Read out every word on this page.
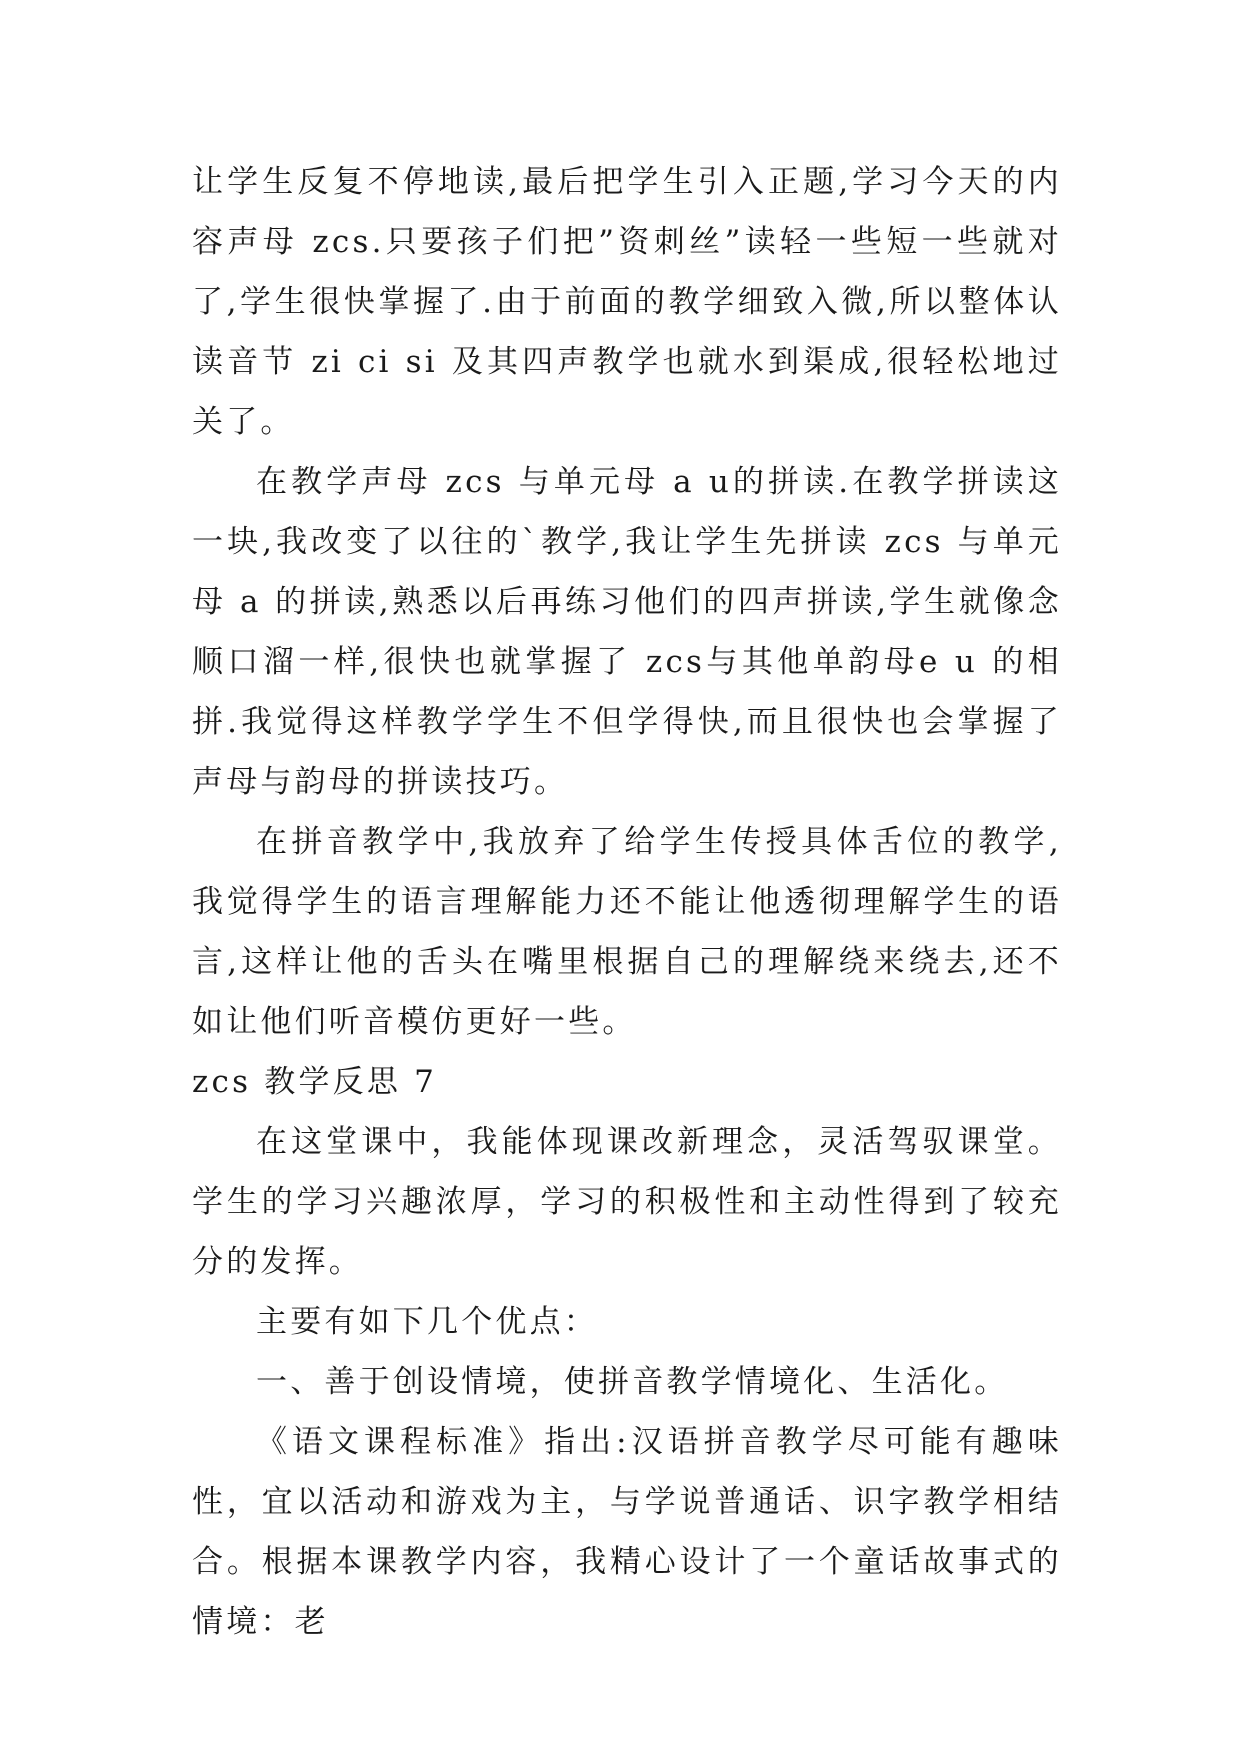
让学生反复不停地读,最后把学生引入正题,学习今天的内容声母 zcs.只要孩子们把”资刺丝”读轻一些短一些就对了,学生很快掌握了.由于前面的教学细致入微,所以整体认读音节 zi ci si 及其四声教学也就水到渠成,很轻松地过关了。

在教学声母 zcs 与单元母 a u的拼读.在教学拼读这一块,我改变了以往的`教学,我让学生先拼读 zcs 与单元母 a 的拼读,熟悉以后再练习他们的四声拼读,学生就像念顺口溜一样,很快也就掌握了 zcs与其他单韵母e u 的相拼.我觉得这样教学学生不但学得快,而且很快也会掌握了声母与韵母的拼读技巧。

在拼音教学中,我放弃了给学生传授具体舌位的教学,我觉得学生的语言理解能力还不能让他透彻理解学生的语言,这样让他的舌头在嘴里根据自己的理解绕来绕去,还不如让他们听音模仿更好一些。

zcs 教学反思 7

在这堂课中，我能体现课改新理念，灵活驾驭课堂。学生的学习兴趣浓厚，学习的积极性和主动性得到了较充分的发挥。

主要有如下几个优点：

一、善于创设情境，使拼音教学情境化、生活化。

《语文课程标准》指出:汉语拼音教学尽可能有趣味性，宜以活动和游戏为主，与学说普通话、识字教学相结合。根据本课教学内容，我精心设计了一个童话故事式的情境：老
